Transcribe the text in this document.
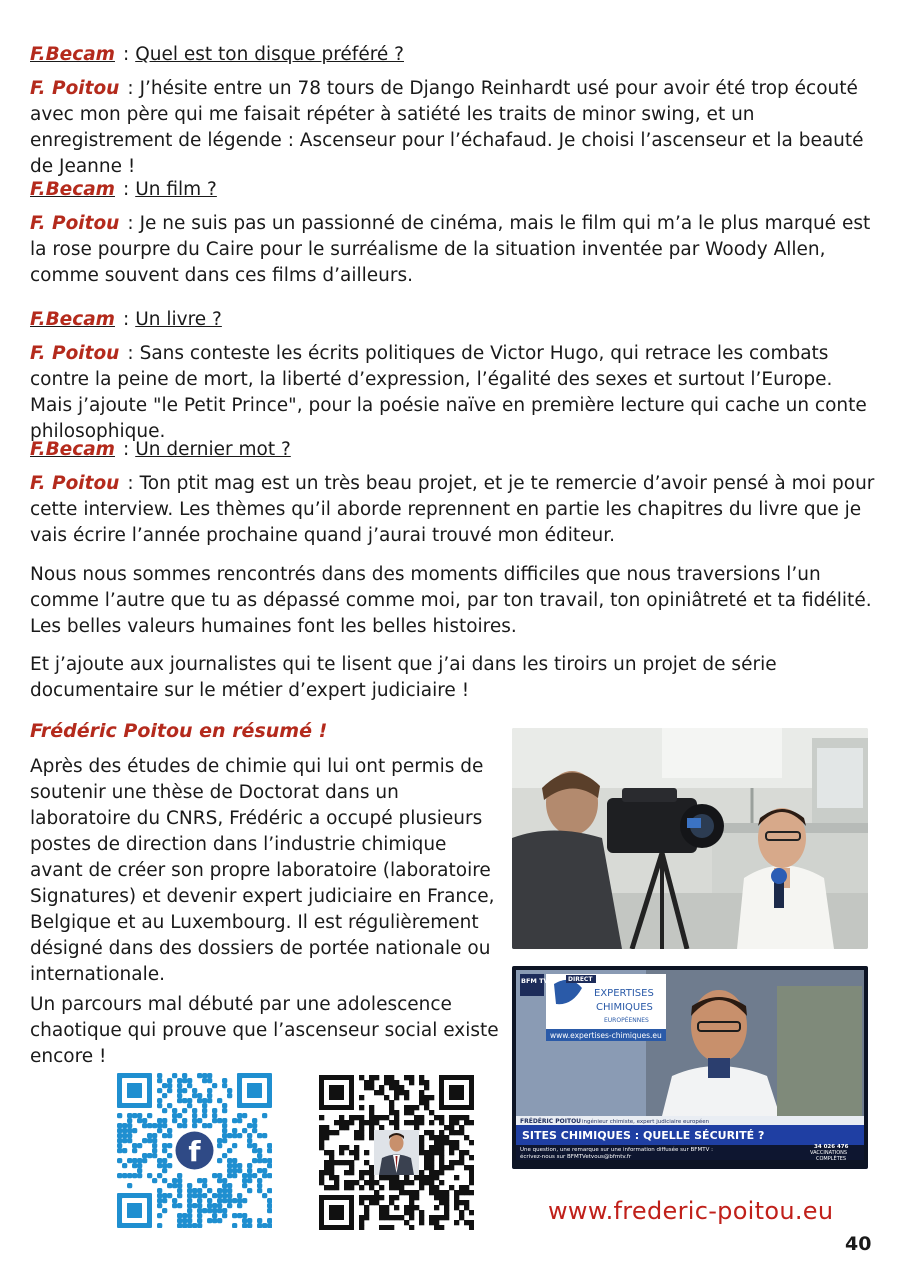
F.Becam : Quel est ton disque préféré ?

F. Poitou : J’hésite entre un 78 tours de Django Reinhardt usé pour avoir été trop écouté avec mon père qui me faisait répéter à satiété les traits de minor swing, et un enregistrement de légende : Ascenseur pour l’échafaud. Je choisi l’ascenseur et la beauté de Jeanne !

F.Becam : Un film ?

F. Poitou : Je ne suis pas un passionné de cinéma, mais le film qui m’a le plus marqué est la rose pourpre du Caire pour le surréalisme de la situation inventée par Woody Allen, comme souvent dans ces films d’ailleurs.

F.Becam : Un livre ?

F. Poitou : Sans conteste les écrits politiques de Victor Hugo, qui retrace les combats contre la peine de mort, la liberté d’expression, l’égalité des sexes et surtout l’Europe. Mais j’ajoute "le Petit Prince", pour la poésie naïve en première lecture qui cache un conte philosophique.

F.Becam : Un dernier mot ?

F. Poitou : Ton ptit mag est un très beau projet, et je te remercie d’avoir pensé à moi pour cette interview. Les thèmes qu’il aborde reprennent en partie les chapitres du livre que je vais écrire l’année prochaine quand j’aurai trouvé mon éditeur.

Nous nous sommes rencontrés dans des moments difficiles que nous traversions l’un comme l’autre que tu as dépassé comme moi, par ton travail, ton opiniâtreté et ta fidélité. Les belles valeurs humaines font les belles histoires.

Et j’ajoute aux journalistes qui te lisent que j’ai dans les tiroirs un projet de série documentaire sur le métier d’expert judiciaire !

Frédéric Poitou en résumé !

Après des études de chimie qui lui ont permis de soutenir une thèse de Doctorat dans un laboratoire du CNRS, Frédéric a occupé plusieurs postes de direction dans l’industrie chimique avant de créer son propre laboratoire (laboratoire Signatures) et devenir expert judiciaire en France, Belgique et au Luxembourg. Il est régulièrement désigné dans des dossiers de portée nationale ou internationale.

Un parcours mal débuté par une adolescence chaotique qui prouve que l’ascenseur social existe encore !

EXPERTISES
CHIMIQUES
EUROPÉENNES
www.expertises-chimiques.eu
BFM TV
09:37 DIRECT
FRÉDÉRIC POITOU ingénieur chimiste, expert judiciaire européen
SITES CHIMIQUES : QUELLE SÉCURITÉ ?
Une question, une remarque sur une information diffusée sur BFMTV :
écrivez-nous sur BFMTVetvous@bfmtv.fr
34 026 476
VACCINATIONS
COMPLÈTES
f

www.frederic-poitou.eu

40
